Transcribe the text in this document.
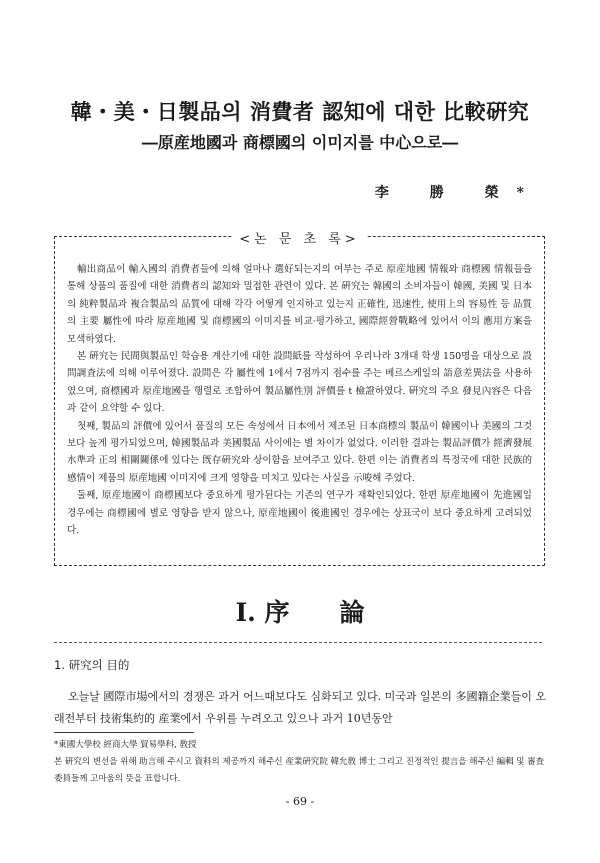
韓・美・日製品의 消費者 認知에 대한 比較硏究
―原産地國과 商標國의 이미지를 中心으로―
李 勝 榮*
<논 문 초 록>

輸出商品이 輸入國의 消費者들에 의해 얼마나 選好되는지의 여부는 주로 原産地國 情報와 商標國 情報들을 통해 상품의 품질에 대한 消費者의 認知와 밀접한 관련이 있다. 본 硏究는 韓國의 소비자들이 韓國, 美國 및 日本의 純粹製品과 複合製品의 品質에 대해 각각 어떻게 인지하고 있는지 正確性, 迅速性, 使用上의 容易性 등 品質의 主要 屬性에 따라 原産地國 및 商標國의 이미지를 비교·평가하고, 國際經營戰略에 있어서 이의 應用方案을 모색하였다.

본 硏究는 民間與製品인 학습용 계산기에 대한 設問紙를 작성하여 우리나라 3개대 학생 150명을 대상으로 設問調査法에 의해 이루어졌다. 設問은 각 屬性에 1에서 7점까지 점수를 주는 베르스케일의 語意差異法을 사용하였으며, 商標國과 原産地國을 행렬로 조합하여 製品屬性別 評價를 t 檢證하였다. 硏究의 주요 發見內容은 다음과 같이 요약할 수 있다.

첫째, 製品의 評價에 있어서 품질의 모든 속성에서 日本에서 제조된 日本商標의 製品이 韓國이나 美國의 그것보다 높게 평가되었으며, 韓國製品과 美國製品 사이에는 별 차이가 없었다. 이러한 결과는 製品評價가 經濟發展 水準과 正의 相關關係에 있다는 旣存硏究와 상이함을 보여주고 있다. 한편 이는 消費者의 특정국에 대한 民族的 感情이 제품의 原産地國 이미지에 크게 영향을 미치고 있다는 사실을 示唆해 주었다.

둘째, 原産地國이 商標國보다 중요하게 평가된다는 기존의 연구가 재확인되었다. 한편 原産地國이 先進國일 경우에는 商標國에 별로 영향을 받지 않으나, 原産地國이 後進國인 경우에는 상표국이 보다 중요하게 고려되었다.

Ⅰ. 序　　論
1. 硏究의 目的

오늘날 國際市場에서의 경쟁은 과거 어느때보다도 심화되고 있다. 미국과 일본의 多國籍企業들이 오래전부터 技術集約的 産業에서 우위를 누려오고 있으나 과거 10년동안

*東國大學校 經商大學 貿易學科, 敎授

본 硏究의 변선을 위해 助言해 주시고 資料의 제공까지 해주신 産業硏究院 韓允敎 博士 그리고 진정적인 提言을 해주신 編輯 및 審査委員들께 고마움의 뜻을 표합니다.

- 69 -
